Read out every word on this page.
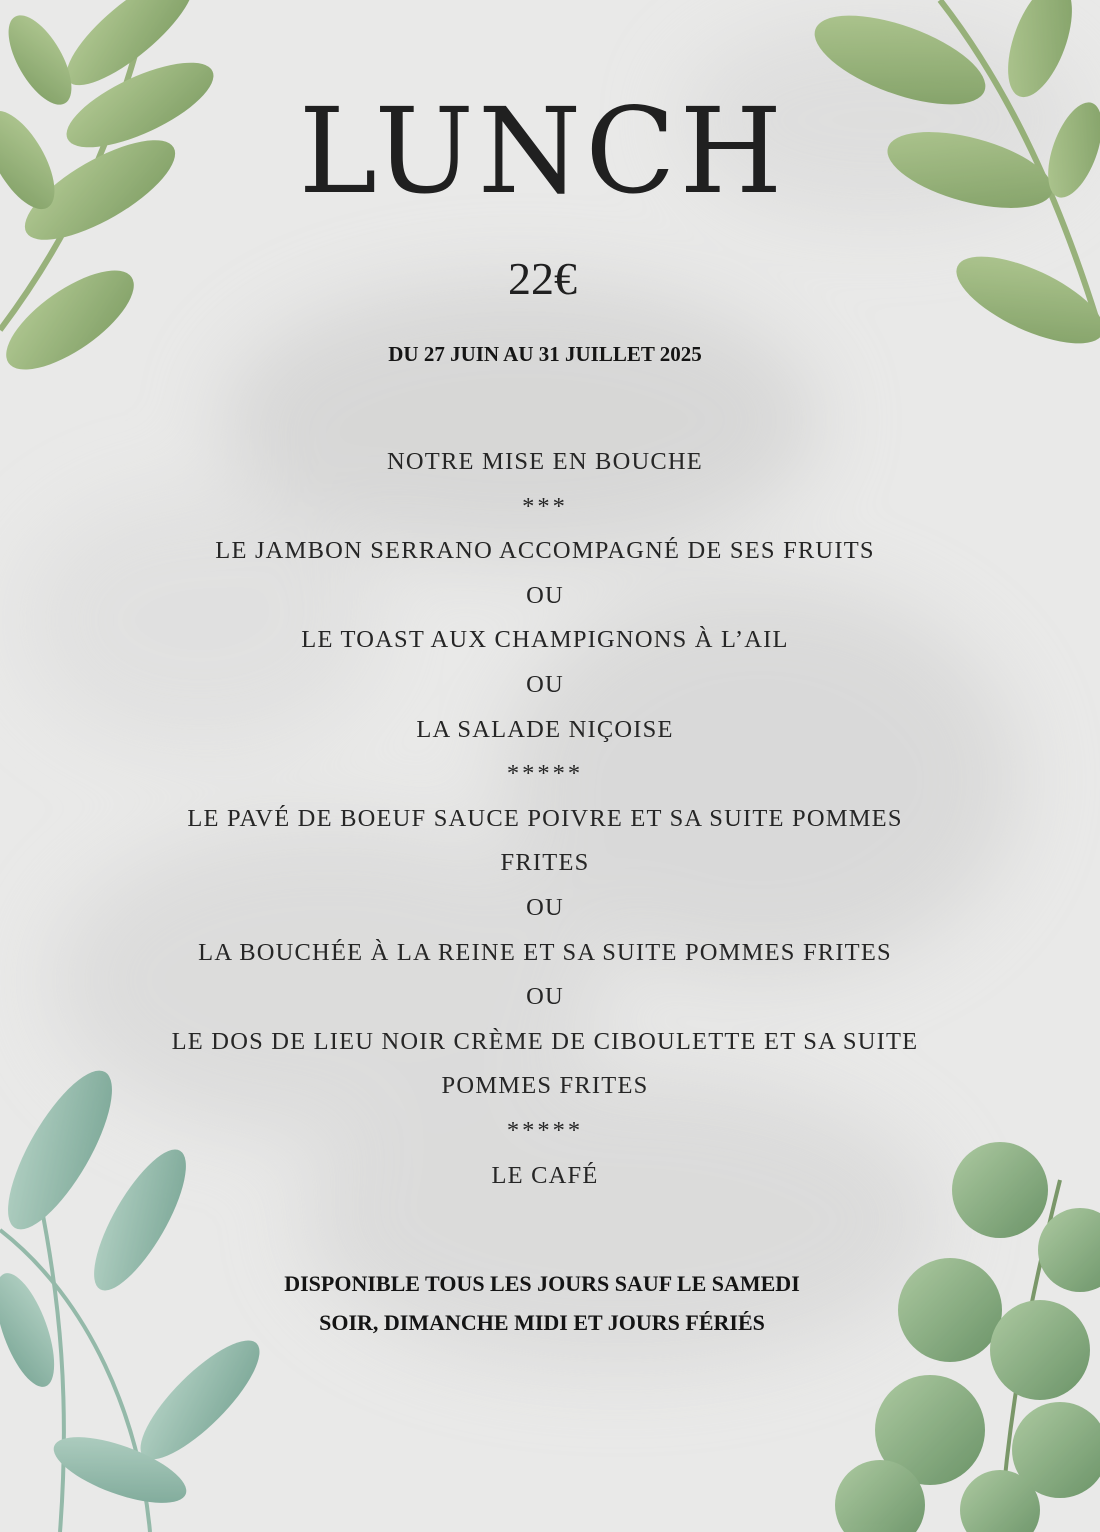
LUNCH
22€
DU 27 JUIN AU 31 JUILLET 2025
NOTRE MISE EN BOUCHE
***
LE JAMBON SERRANO ACCOMPAGNÉ DE SES FRUITS
OU
LE TOAST AUX CHAMPIGNONS À L’AIL
OU
LA SALADE NIÇOISE
*****
LE PAVÉ DE BOEUF SAUCE POIVRE ET SA SUITE POMMES
FRITES
OU
LA BOUCHÉE À LA REINE ET SA SUITE POMMES FRITES
OU
LE DOS DE LIEU NOIR CRÈME DE CIBOULETTE ET SA SUITE
POMMES FRITES
*****
LE CAFÉ
DISPONIBLE TOUS LES JOURS SAUF LE SAMEDI
SOIR, DIMANCHE MIDI ET JOURS FÉRIÉS
